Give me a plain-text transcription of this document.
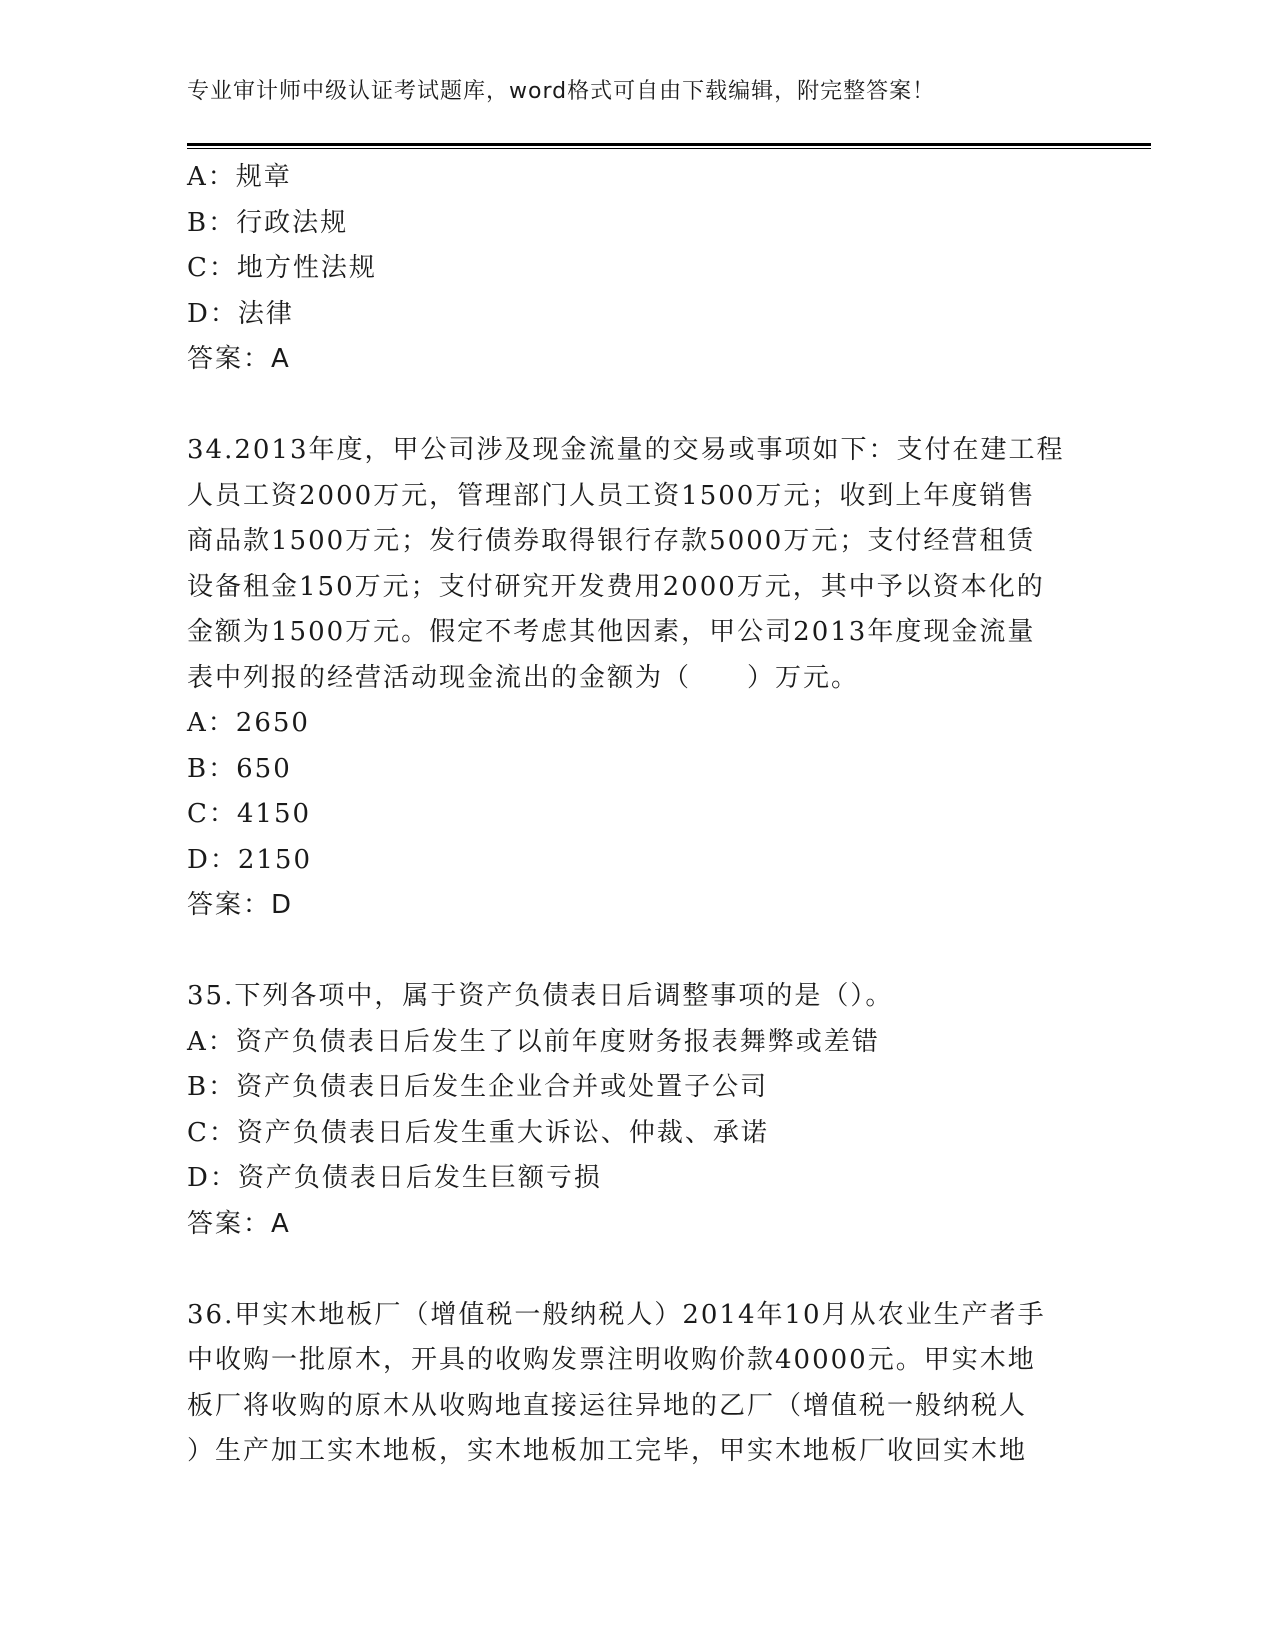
专业审计师中级认证考试题库，word格式可自由下载编辑，附完整答案！
A：规章
B：行政法规
C：地方性法规
D：法律
答案：A
34.2013年度，甲公司涉及现金流量的交易或事项如下：支付在建工程
人员工资2000万元，管理部门人员工资1500万元；收到上年度销售
商品款1500万元；发行债券取得银行存款5000万元；支付经营租赁
设备租金150万元；支付研究开发费用2000万元，其中予以资本化的
金额为1500万元。假定不考虑其他因素，甲公司2013年度现金流量
表中列报的经营活动现金流出的金额为（　　）万元。
A：2650
B：650
C：4150
D：2150
答案：D
35.下列各项中，属于资产负债表日后调整事项的是（）。
A：资产负债表日后发生了以前年度财务报表舞弊或差错
B：资产负债表日后发生企业合并或处置子公司
C：资产负债表日后发生重大诉讼、仲裁、承诺
D：资产负债表日后发生巨额亏损
答案：A
36.甲实木地板厂（增值税一般纳税人）2014年10月从农业生产者手
中收购一批原木，开具的收购发票注明收购价款40000元。甲实木地
板厂将收购的原木从收购地直接运往异地的乙厂（增值税一般纳税人
）生产加工实木地板，实木地板加工完毕，甲实木地板厂收回实木地
